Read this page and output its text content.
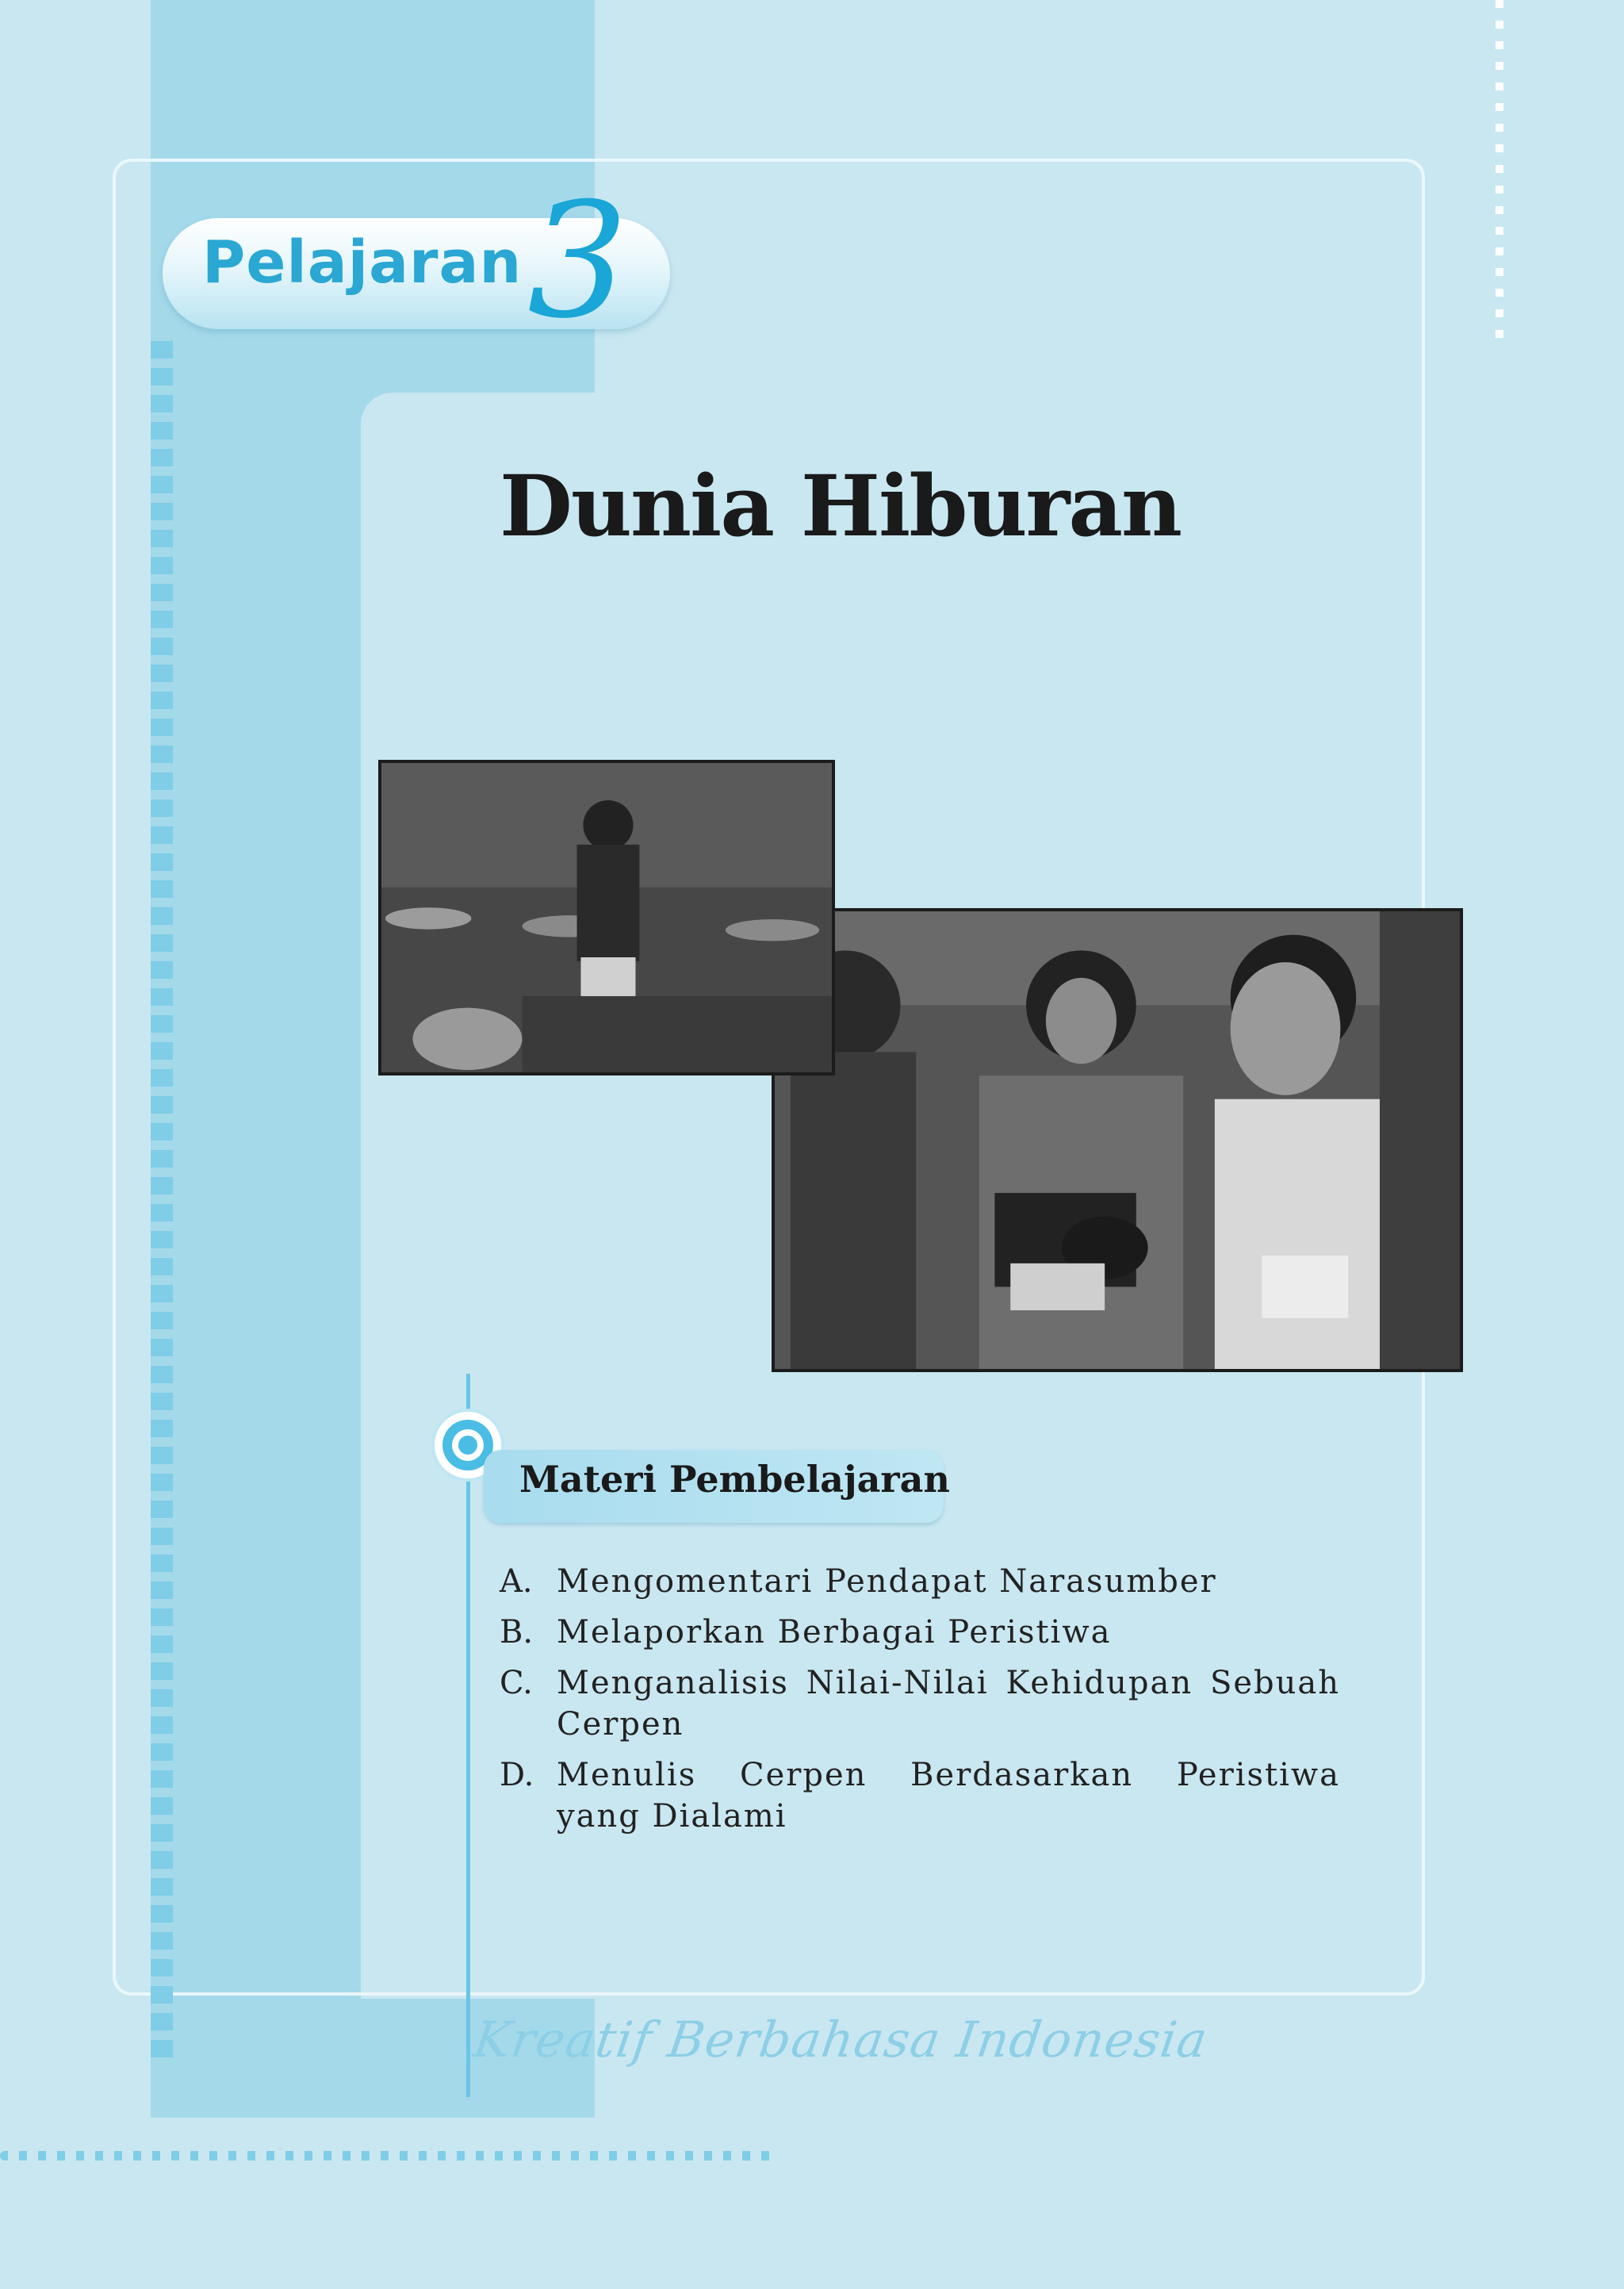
Pelajaran 3
Dunia Hiburan
Materi Pembelajaran
A. Mengomentari Pendapat Narasumber
B. Melaporkan Berbagai Peristiwa
C. Menganalisis Nilai-Nilai Kehidupan Sebuah Cerpen
D. Menulis Cerpen Berdasarkan Peristiwa yang Dialami
Kreatif Berbahasa Indonesia
